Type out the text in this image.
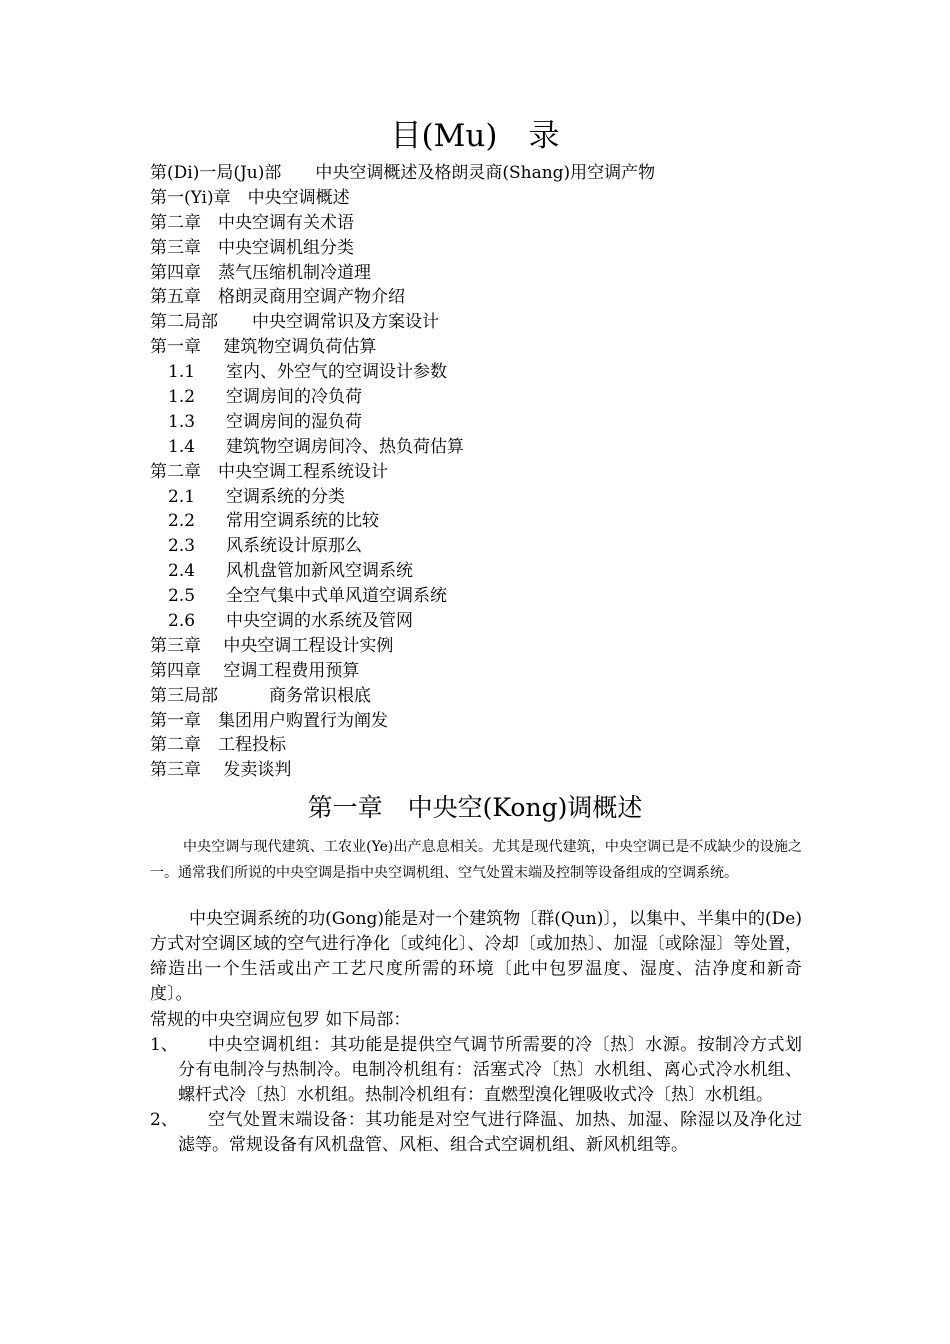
目(Mu)　录
第(Di)一局(Ju)部　　中央空调概述及格朗灵商(Shang)用空调产物
第一(Yi)章　中央空调概述
第二章　中央空调有关术语
第三章　中央空调机组分类
第四章　蒸气压缩机制冷道理
第五章　格朗灵商用空调产物介绍
第二局部　　中央空调常识及方案设计
第一章　 建筑物空调负荷估算
1.1 室内、外空气的空调设计参数
1.2 空调房间的冷负荷
1.3 空调房间的湿负荷
1.4 建筑物空调房间冷、热负荷估算
第二章　中央空调工程系统设计
2.1 空调系统的分类
2.2 常用空调系统的比较
2.3 风系统设计原那么
2.4 风机盘管加新风空调系统
2.5 全空气集中式单风道空调系统
2.6 中央空调的水系统及管网
第三章　 中央空调工程设计实例
第四章　 空调工程费用预算
第三局部　　　商务常识根底
第一章　集团用户购置行为阐发
第二章　工程投标
第三章　 发卖谈判
第一章　中央空(Kong)调概述
中央空调与现代建筑、工农业(Ye)出产息息相关。尤其是现代建筑，中央空调已是不成缺少的设施之一。通常我们所说的中央空调是指中央空调机组、空气处置末端及控制等设备组成的空调系统。
中央空调系统的功(Gong)能是对一个建筑物〔群(Qun)〕，以集中、半集中的(De)方式对空调区域的空气进行净化〔或纯化〕、冷却〔或加热〕、加湿〔或除湿〕等处置，缔造出一个生活或出产工艺尺度所需的环境〔此中包罗温度、湿度、洁净度和新奇度〕。
常规的中央空调应包罗 如下局部：
1、	中央空调机组：其功能是提供空气调节所需要的冷〔热〕水源。按制冷方式划分有电制冷与热制冷。电制冷机组有：活塞式冷〔热〕水机组、离心式冷水机组、螺杆式冷〔热〕水机组。热制冷机组有：直燃型溴化锂吸收式冷〔热〕水机组。
2、	空气处置末端设备：其功能是对空气进行降温、加热、加湿、除湿以及净化过滤等。常规设备有风机盘管、风柜、组合式空调机组、新风机组等。
